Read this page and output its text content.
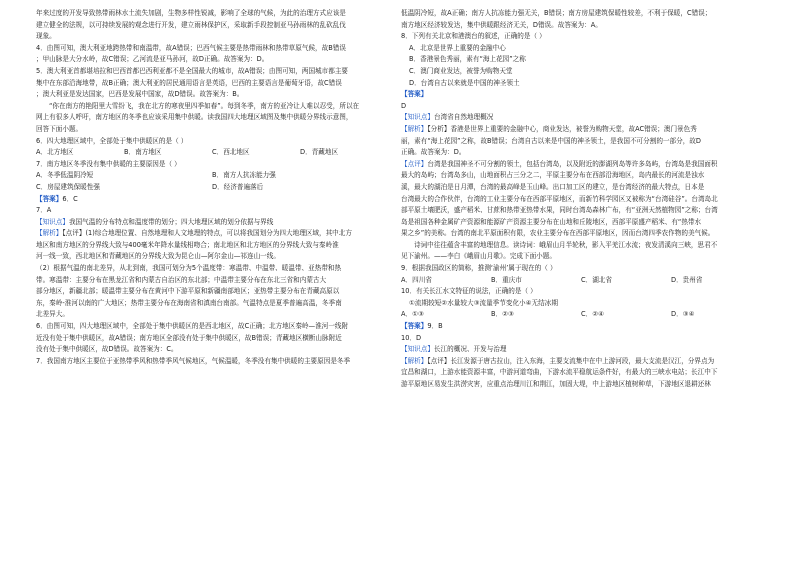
年来过度的开发导致热带雨林水土流失加剧，生物多样性锐减，影响了全球的气候，为此的治理方式应该是

建立健全的法规，以可持续发展的观念进行开发，建立雨林保护区，采取新手段控制亚马孙雨林的乱砍乱伐

现象。

4．由图可知，澳大利亚地跨热带和南温带，故A错误；巴西气候主要是热带雨林和热带草原气候，故B错误

；甲山脉是大分水岭，故C错误；乙河流是亚马孙河，故D正确。故答案为：D。

5．澳大利亚首都堪培拉和巴西首都巴西利亚都不是全国最大的城市，故A错误；由图可知，两国城市都主要

集中在东部沿海地带，故B正确；澳大利亚的居民通用语言是英语，巴西的主要语言是葡萄牙语，故C错误

；澳大利亚是发达国家，巴西是发展中国家，故D错误。故答案为：B。

“你在南方的艳阳里大雪纷飞，我在北方的寒夜里四季如春”。每到冬季，南方的亚冷让人难以忍受，所以在

网上有很多人呼吁，南方地区的冬季也应该采用集中供暖。读我国四大地理区域图及集中供暖分界线示意图，

回答下面小题。

6．四大地理区域中，全部处于集中供暖区的是（ ）

A．北方地区	B．南方地区	C．西北地区	D．青藏地区

7．南方地区冬季没有集中供暖的主要原因是（ ）

A．冬季低温阴冷短	B．南方人抗冻能力强
C．房屋建筑保暖性强	D．经济普遍落后

【答案】6．C

7．A

【知识点】我国气温的分布特点和温度带的划分；四大地理区域的划分依据与界线

【解析】【点评】(1)综合地理位置、自然地理和人文地理的特点，可以将我国划分为四大地理区域，其中北方

地区和南方地区的分界线大致与400毫米年降水量线相吻合；南北地区和北方地区的分界线大致与秦岭淮

河一线一致，西北地区和青藏地区的分界线大致为昆仑山—阿尔金山—祁连山一线。

（2）根据气温的南北差异，从北到南，我国可划分为5个温度带：寒温带、中温带、暖温带、亚热带和热

带。寒温带：主要分布在黑龙江省和内蒙古自治区的东北部；中温带主要分布在东北三省和内蒙古大

部分地区，新疆北部；暖温带主要分布在黄河中下游平原和新疆南部地区；亚热带主要分布在青藏高原以

东，秦岭-淮河以南的广大地区；热带主要分布在海南省和滇南台南部。气温特点是夏季普遍高温，冬季南

北差异大。

6．由图可知，四大地理区域中，全部处于集中供暖区的是西北地区，故C正确；北方地区秦岭—淮河一线附

近没有处于集中供暖区，故A错误；南方地区全部没有处于集中供暖区，故B错误；青藏地区横断山脉附近

没有处于集中供暖区，故D错误。故答案为：C。

7．我国南方地区主要位于亚热带季风和热带季风气候地区，气候温暖，冬季没有集中供暖的主要原因是冬季

低温阴冷短，故A正确；南方人抗冻能力强无关，B错误；南方房屋建筑保暖性较差，不利于保暖，C错误；

南方地区经济较发达，集中供暖跟经济无关，D错误。故答案为：A。

8．下列有关北京和港澳台的叙述，正确的是（ ）

A．北京是世界上重要的金融中心

B．香港景色秀丽，素有“海上花园”之称

C．澳门商业发达，被誉为购物天堂

D．台湾自古以来就是中国的神圣领土

【答案】

D

【知识点】台湾省自然地理概况

【解析】【分析】香港是世界上重要的金融中心，商业发达，被誉为购物天堂，故AC错误；澳门景色秀

丽，素有“海上花园”之称，故B错误；台湾自古以来是中国的神圣领土，是我国不可分割的一部分，故D

正确。故答案为：D。

【点评】台湾是我国神圣不可分割的领土，包括台湾岛，以及附近的澎湖列岛等许多岛屿，台湾岛是我国面积

最大的岛屿；台湾岛多山，山地面积占三分之二，平原主要分布在西部沿海地区，岛内最长的河流是浊水

溪，最大的湖泊是日月潭，台湾的最高峰是玉山峰。出口加工区的建立，是台湾经济的最大特点，日本是

台湾最大的合作伙伴，台湾的工业主要分布在西部平原地区，而新竹科学园区又被称为“台湾硅谷”。台湾岛北

部平原土壤肥沃，盛产稻米、甘蔗和热带亚热带水果，同时台湾岛森林广布，有“亚洲天然植物园”之称；台湾

岛是祖国各种金属矿产资源和能源矿产资源主要分布在山地和丘陵地区，西部平原盛产稻米、有“热带水

果之乡”的美称。台湾的南北平原面积有限，农业主要分布在西部平原地区，因而台湾四季农作物的美气候。

诗词中往往蕴含丰富的地理信息。读诗词：峨眉山月半轮秋，影入平羌江水流；夜发清溪向三峡，思君不

见下渝州。——李白《峨眉山月歌》。完成下面小题。

9．根据我国政区的简称，推测‘渝州’属于现在的（ ）

A．四川省	B．重庆市	C．湖北省	D．贵州省

10．有关长江水文特征的说法，正确的是（ ）

①流期较短②水量较大③流量季节变化小④无结冰期

A．①③	B．②③	C．②④	D．③④

【答案】9．B

10．D

【知识点】长江的概况、开发与治理

【解析】【点评】长江发源于唐古拉山，注入东海，主要支流集中在中上游河段，最大支流是汉江，分界点为

宜昌和湖口，上游水能资源丰富，中游河道弯曲，下游水流平稳航运条件好，有最大的三峡水电站；长江中下

游平原地区易发生洪涝灾害，应重点治理川江和荆江，加固大堤，中上游地区植树种草，下游地区退耕还林
